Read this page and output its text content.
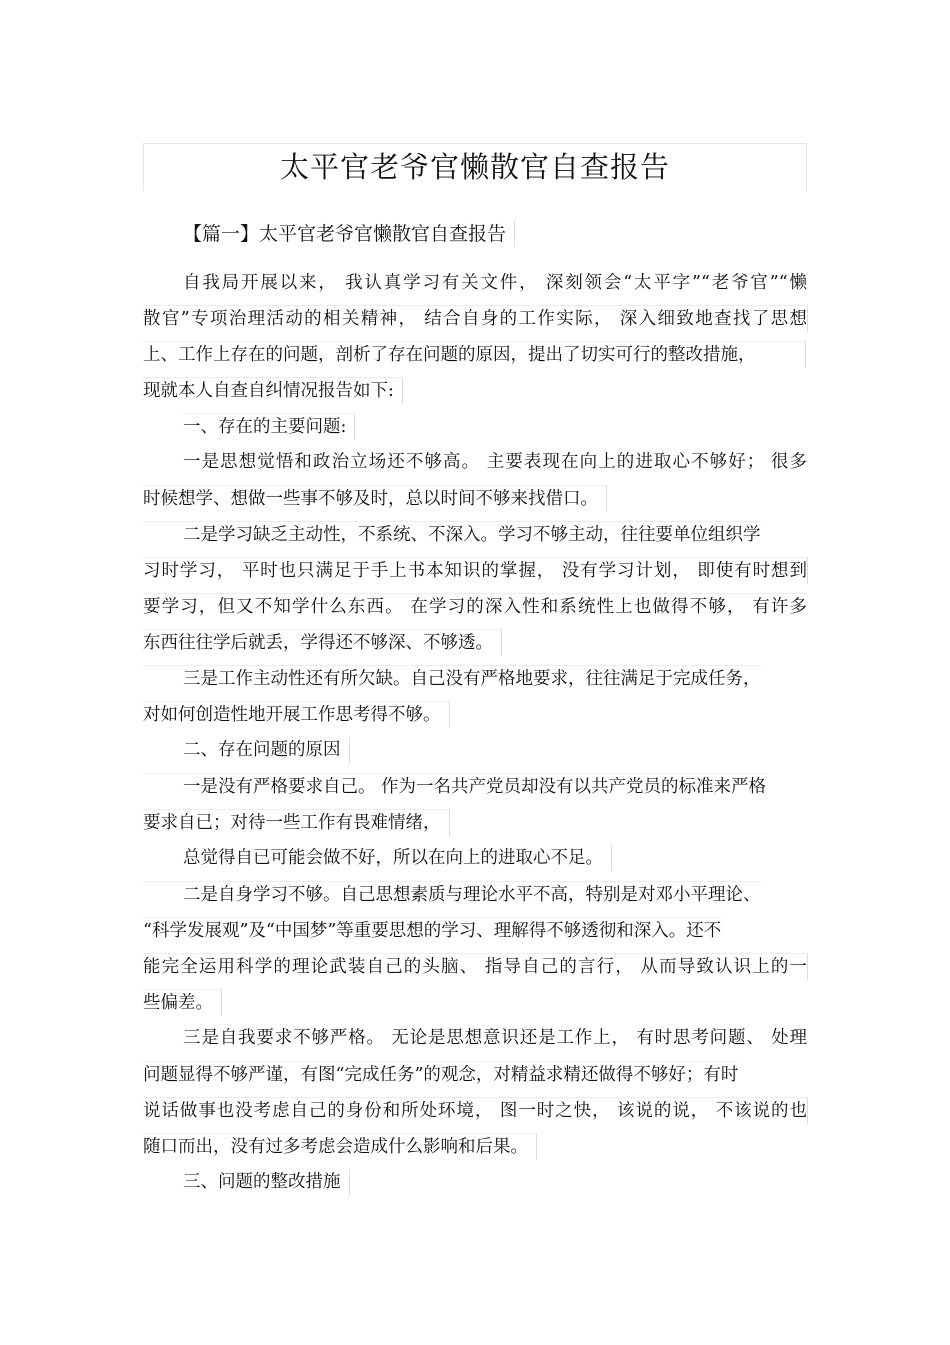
太平官老爷官懒散官自查报告

【篇一】太平官老爷官懒散官自查报告

自我局开展以来， 我认真学习有关文件， 深刻领会“太平字”“老爷官”“懒

散官”专项治理活动的相关精神， 结合自身的工作实际， 深入细致地查找了思想

上、工作上存在的问题，剖析了存在问题的原因，提出了切实可行的整改措施，

现就本人自查自纠情况报告如下:

一、存在的主要问题:

一是思想觉悟和政治立场还不够高。 主要表现在向上的进取心不够好； 很多

时候想学、想做一些事不够及时，总以时间不够来找借口。

二是学习缺乏主动性，不系统、不深入。学习不够主动，往往要单位组织学

习时学习， 平时也只满足于手上书本知识的掌握， 没有学习计划， 即使有时想到

要学习，但又不知学什么东西。 在学习的深入性和系统性上也做得不够， 有许多

东西往往学后就丢，学得还不够深、不够透。

三是工作主动性还有所欠缺。自己没有严格地要求，往往满足于完成任务，

对如何创造性地开展工作思考得不够。

二、存在问题的原因

一是没有严格要求自己。 作为一名共产党员却没有以共产党员的标准来严格

要求自已；对待一些工作有畏难情绪，

总觉得自已可能会做不好，所以在向上的进取心不足。

二是自身学习不够。自己思想素质与理论水平不高，特别是对邓小平理论、

“科学发展观”及“中国梦”等重要思想的学习、理解得不够透彻和深入。还不

能完全运用科学的理论武装自己的头脑、 指导自己的言行， 从而导致认识上的一

些偏差。

三是自我要求不够严格。 无论是思想意识还是工作上， 有时思考问题、 处理

问题显得不够严谨，有图“完成任务”的观念，对精益求精还做得不够好；有时

说话做事也没考虑自己的身份和所处环境， 图一时之快， 该说的说， 不该说的也

随口而出，没有过多考虑会造成什么影响和后果。

三、问题的整改措施
